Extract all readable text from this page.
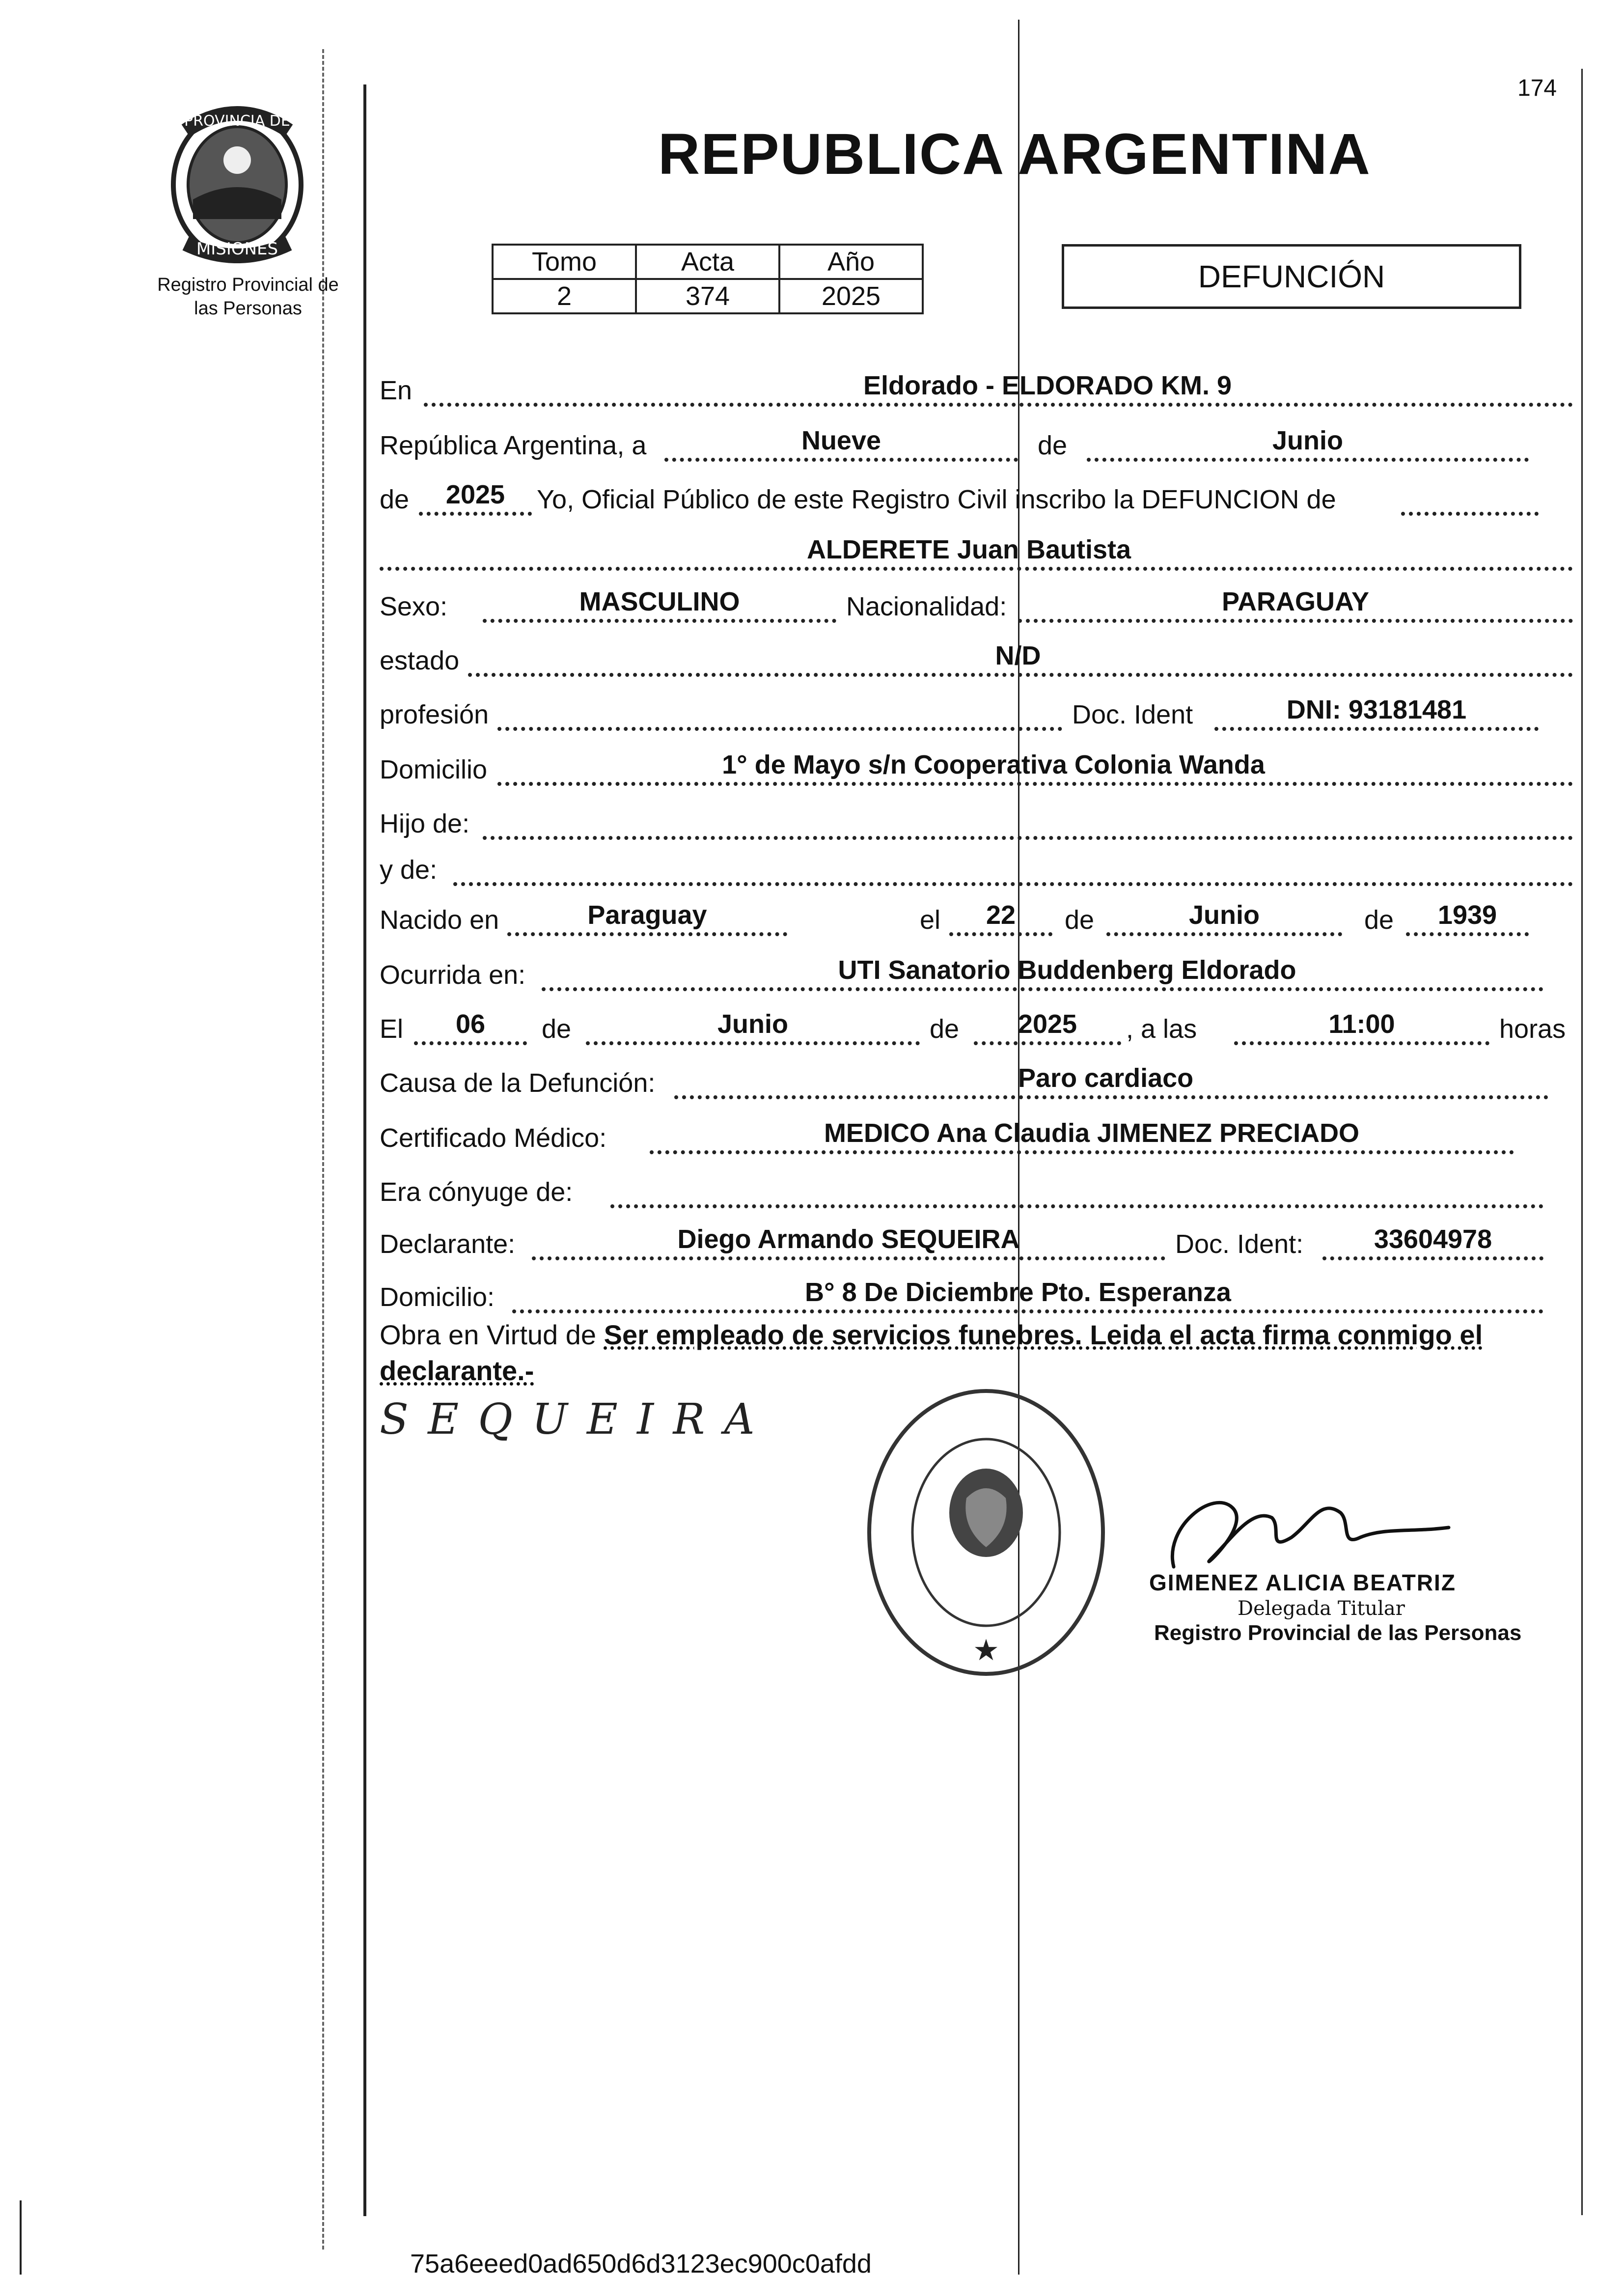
PROVINCIA DE
MISIONES
Registro Provincial de
las Personas
174
REPUBLICA ARGENTINA
Tomo	Acta	Año
2	374	2025
DEFUNCIÓN
En	Eldorado - ELDORADO KM. 9
República Argentina, a	Nueve	de	Junio
de	2025	Yo, Oficial Público de este Registro Civil inscribo la DEFUNCION de
ALDERETE Juan Bautista
Sexo:	MASCULINO	Nacionalidad:	PARAGUAY
estado	N/D
profesión	Doc. Ident	DNI: 93181481
Domicilio	1° de Mayo s/n Cooperativa Colonia Wanda
Hijo de:
y de:
Nacido en	Paraguay	el	22	de	Junio	de	1939
Ocurrida en:	UTI Sanatorio Buddenberg Eldorado
El	06	de	Junio	de	2025	, a las	11:00	horas
Causa de la Defunción:	Paro cardiaco
Certificado Médico:	MEDICO Ana Claudia JIMENEZ PRECIADO
Era cónyuge de:
Declarante:	Diego Armando SEQUEIRA	Doc. Ident:	33604978
Domicilio:	B° 8 De Diciembre Pto. Esperanza
Obra en Virtud de Ser empleado de servicios funebres. Leida el acta firma conmigo el
declarante.-
S E Q U E I R A
★
GIMENEZ ALICIA BEATRIZ
Delegada Titular
Registro Provincial de las Personas
75a6eeed0ad650d6d3123ec900c0afdd
